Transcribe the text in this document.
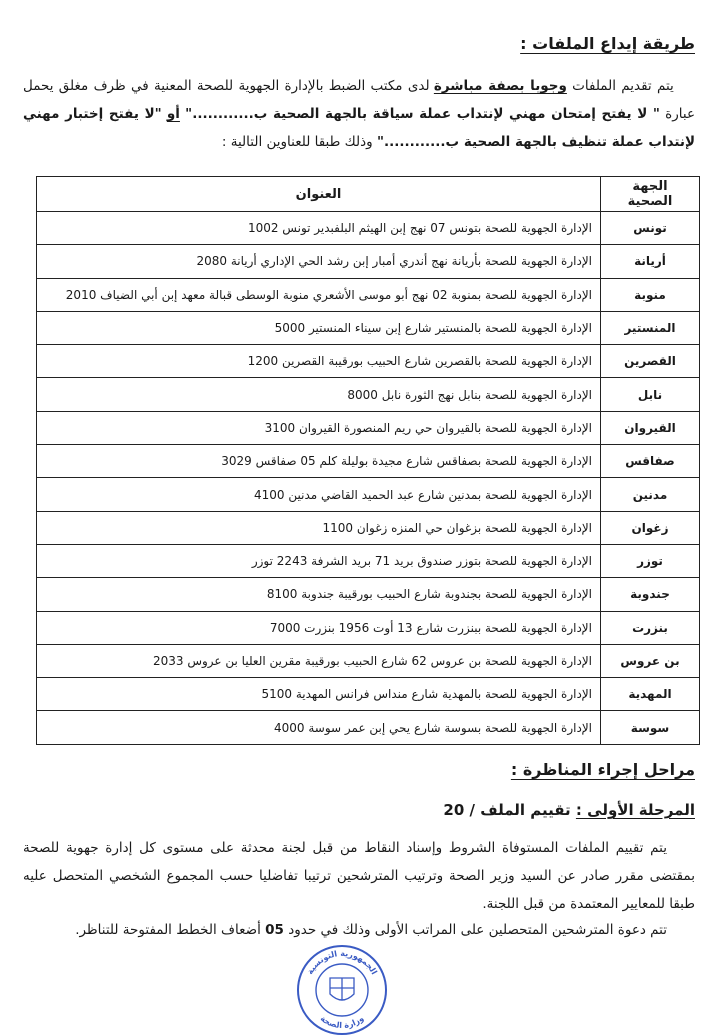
طريقة إيداع الملفات :
يتم تقديم الملفات وجوبا بصفة مباشرة لدى مكتب الضبط بالإدارة الجهوية للصحة المعنية في ظرف مغلق يحمل عبارة " لا يفتح إمتحان مهني لإنتداب عملة سياقة بالجهة الصحية ب............" أو "لا يفتح إختبار مهني لإنتداب عملة تنظيف بالجهة الصحية ب............" وذلك طبقا للعناوين التالية :
الجهة الصحية	العنوان
تونس	الإدارة الجهوية للصحة بتونس 07 نهج إبن الهيثم البلفبدير تونس 1002
أريانة	الإدارة الجهوية للصحة بأريانة نهج أندري أمبار إبن رشد الحي الإداري أريانة 2080
منوبة	الإدارة الجهوية للصحة بمنوبة 02 نهج أبو موسى الأشعري منوبة الوسطى قبالة معهد إبن أبي الضياف 2010
المنستير	الإدارة الجهوية للصحة بالمنستير شارع إبن سيناء المنستير 5000
القصرين	الإدارة الجهوية للصحة بالقصرين شارع الحبيب بورقيبة القصرين 1200
نابل	الإدارة الجهوية للصحة بنابل نهج الثورة نابل 8000
القيروان	الإدارة الجهوية للصحة بالقيروان حي ريم المنصورة القيروان 3100
صفاقس	الإدارة الجهوية للصحة بصفاقس شارع مجيدة بوليلة كلم 05 صفاقس 3029
مدنين	الإدارة الجهوية للصحة بمدنين شارع عبد الحميد القاضي مدنين 4100
زغوان	الإدارة الجهوية للصحة بزغوان حي المنزه زغوان 1100
توزر	الإدارة الجهوية للصحة بتوزر صندوق بريد 71 بريد الشرفة 2243 توزر
جندوبة	الإدارة الجهوية للصحة بجندوبة شارع الحبيب بورقيبة جندوبة 8100
بنزرت	الإدارة الجهوية للصحة ببنزرت شارع 13 أوت 1956 بنزرت 7000
بن عروس	الإدارة الجهوية للصحة بن عروس 62 شارع الحبيب بورقيبة مقرين العليا بن عروس 2033
المهدية	الإدارة الجهوية للصحة بالمهدية شارع منداس فرانس المهدية 5100
سوسة	الإدارة الجهوية للصحة بسوسة شارع يحي إبن عمر سوسة 4000
مراحل إجراء المناظرة :
المرحلة الأولى : تقييم الملف / 20
يتم تقييم الملفات المستوفاة الشروط وإسناد النقاط من قبل لجنة محدثة على مستوى كل إدارة جهوية للصحة بمقتضى مقرر صادر عن السيد وزير الصحة وترتيب المترشحين ترتيبا تفاضليا حسب المجموع الشخصي المتحصل عليه طبقا للمعايير المعتمدة من قبل اللجنة.
تتم دعوة المترشحين المتحصلين على المراتب الأولى وذلك في حدود 05 أضعاف الخطط المفتوحة للتناظر.
الجمهورية التونسية
وزارة الصحة
